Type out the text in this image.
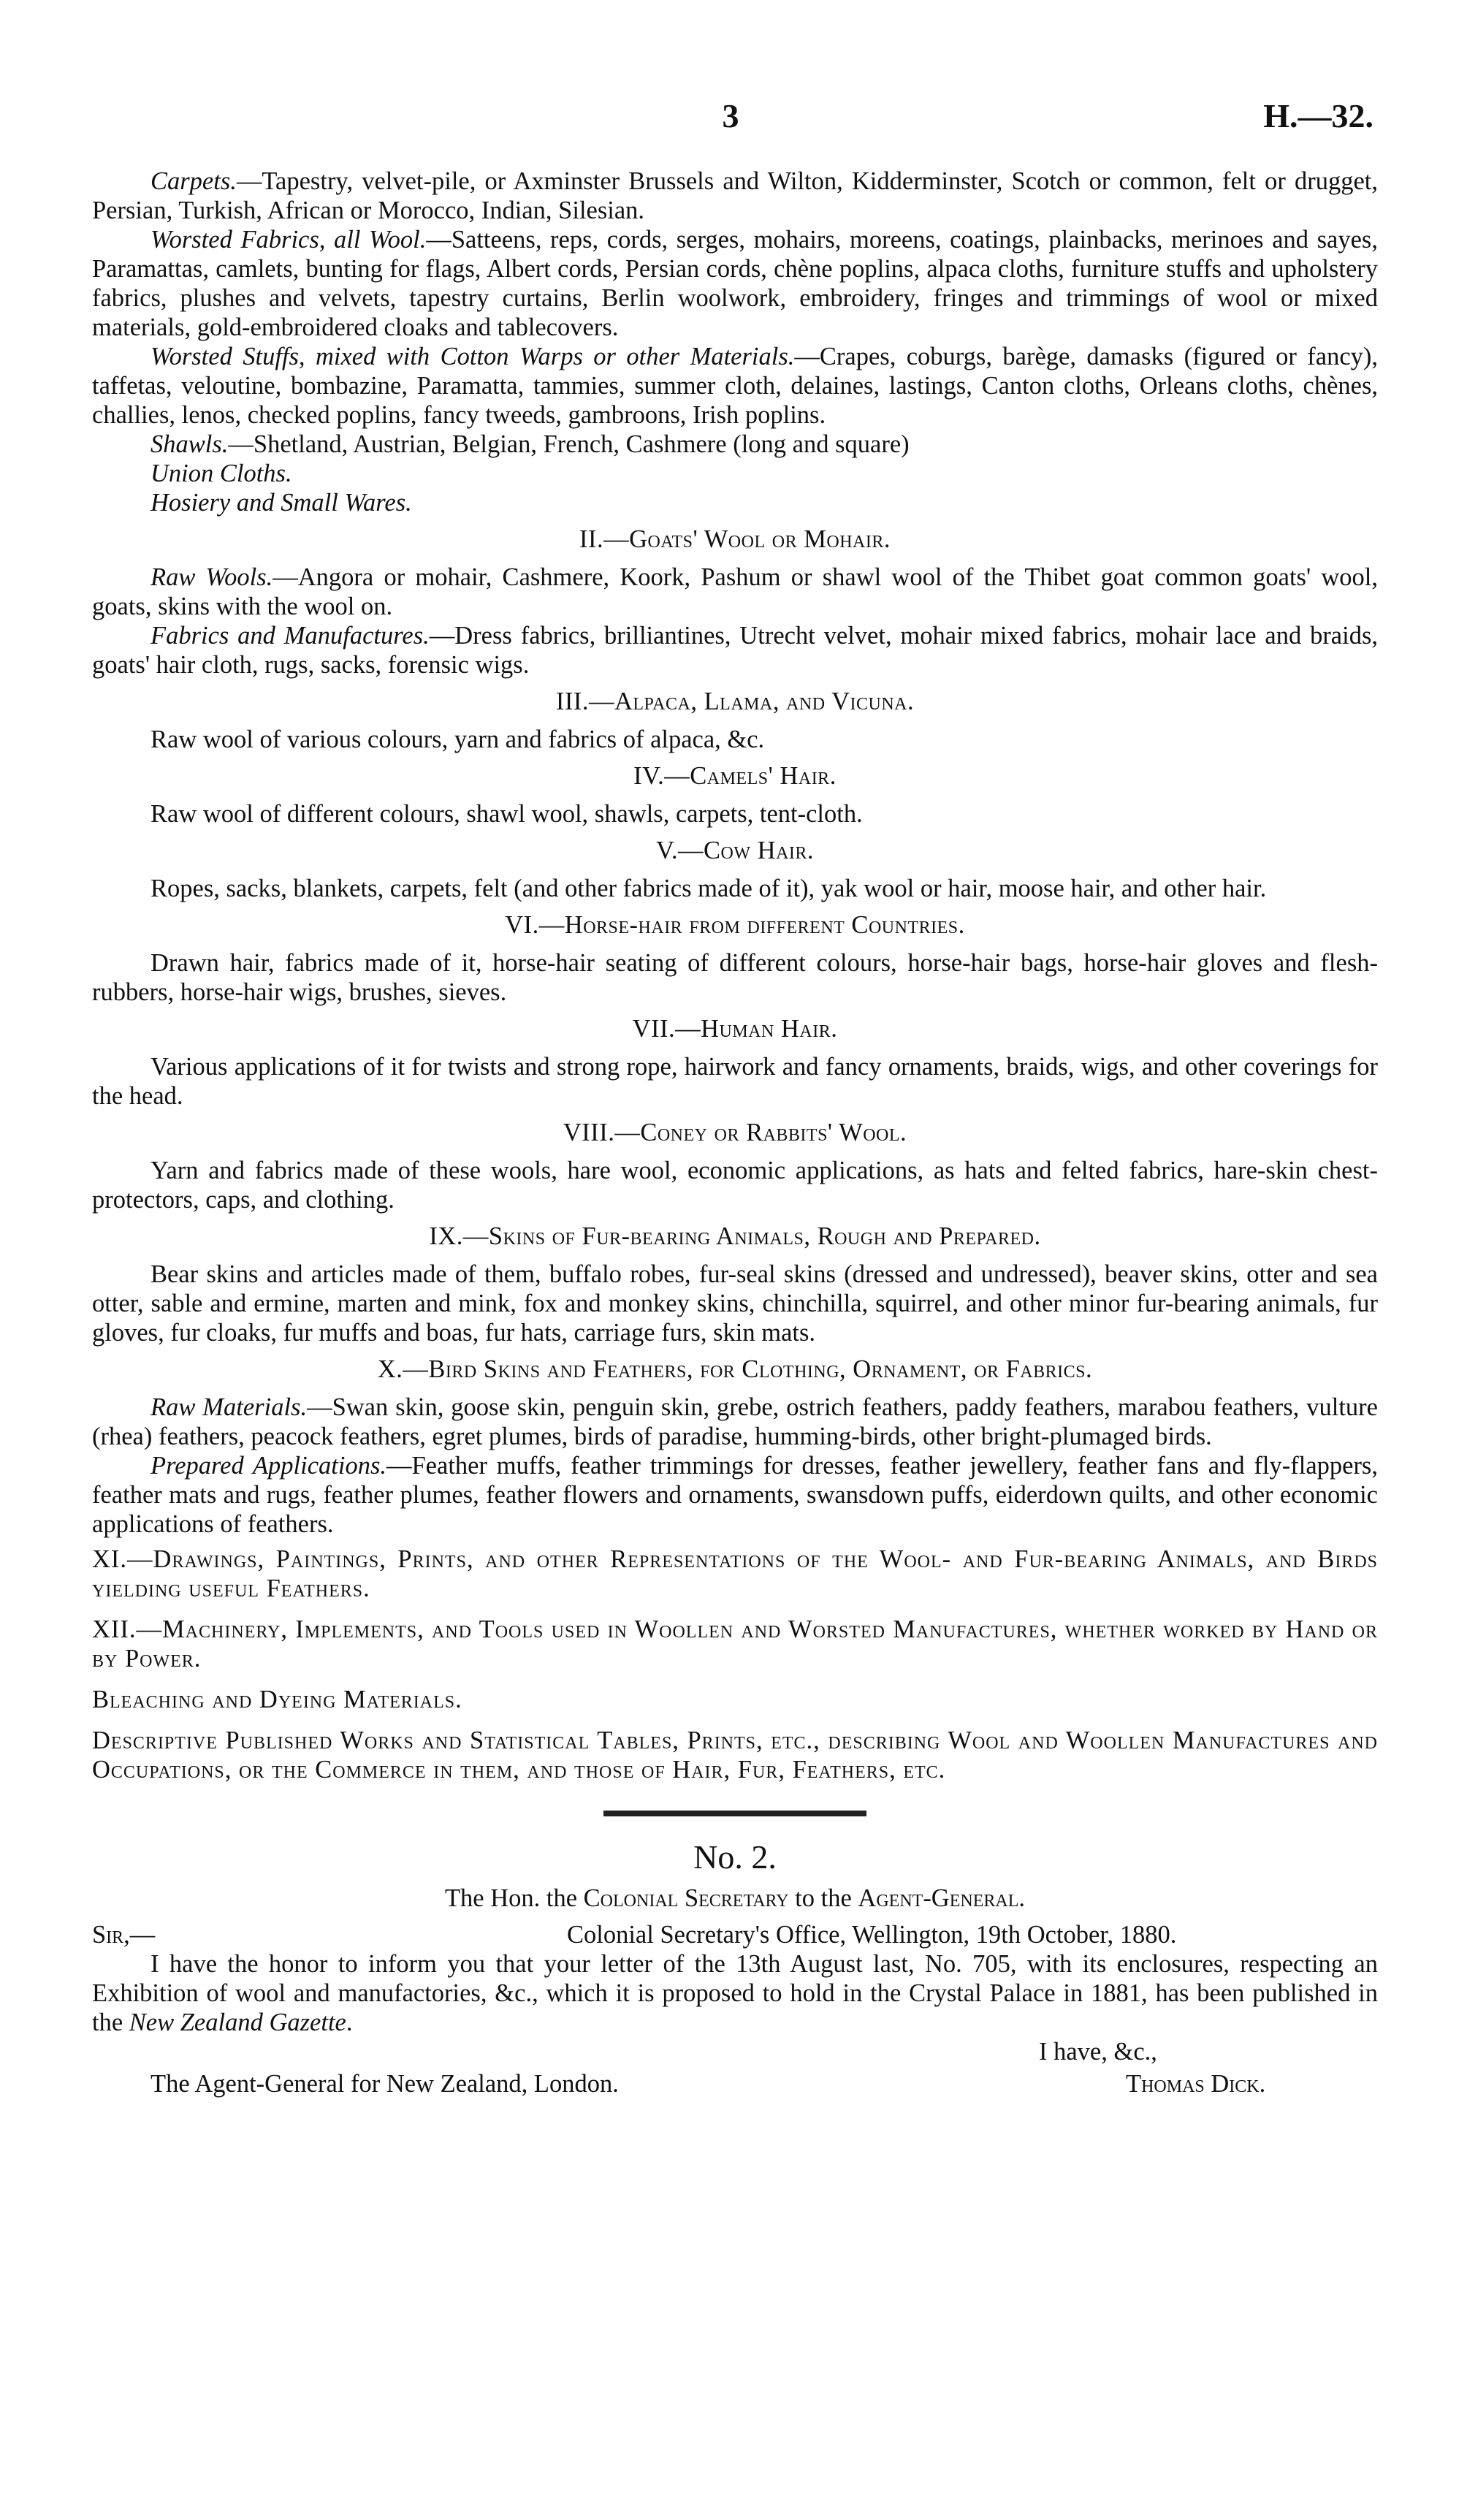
3	H.—32.

Carpets.—Tapestry, velvet-pile, or Axminster Brussels and Wilton, Kidderminster, Scotch or common, felt or drugget, Persian, Turkish, African or Morocco, Indian, Silesian.

Worsted Fabrics, all Wool.—Satteens, reps, cords, serges, mohairs, moreens, coatings, plainbacks, merinoes and sayes, Paramattas, camlets, bunting for flags, Albert cords, Persian cords, chène poplins, alpaca cloths, furniture stuffs and upholstery fabrics, plushes and velvets, tapestry curtains, Berlin woolwork, embroidery, fringes and trimmings of wool or mixed materials, gold-embroidered cloaks and tablecovers.

Worsted Stuffs, mixed with Cotton Warps or other Materials.—Crapes, coburgs, barège, damasks (figured or fancy), taffetas, veloutine, bombazine, Paramatta, tammies, summer cloth, delaines, lastings, Canton cloths, Orleans cloths, chènes, challies, lenos, checked poplins, fancy tweeds, gambroons, Irish poplins.

Shawls.—Shetland, Austrian, Belgian, French, Cashmere (long and square)

Union Cloths.

Hosiery and Small Wares.

II.—Goats' Wool or Mohair.

Raw Wools.—Angora or mohair, Cashmere, Koork, Pashum or shawl wool of the Thibet goat common goats' wool, goats, skins with the wool on.

Fabrics and Manufactures.—Dress fabrics, brilliantines, Utrecht velvet, mohair mixed fabrics, mohair lace and braids, goats' hair cloth, rugs, sacks, forensic wigs.

III.—Alpaca, Llama, and Vicuna.

Raw wool of various colours, yarn and fabrics of alpaca, &c.

IV.—Camels' Hair.

Raw wool of different colours, shawl wool, shawls, carpets, tent-cloth.

V.—Cow Hair.

Ropes, sacks, blankets, carpets, felt (and other fabrics made of it), yak wool or hair, moose hair, and other hair.

VI.—Horse-hair from different Countries.

Drawn hair, fabrics made of it, horse-hair seating of different colours, horse-hair bags, horse-hair gloves and flesh-rubbers, horse-hair wigs, brushes, sieves.

VII.—Human Hair.

Various applications of it for twists and strong rope, hairwork and fancy ornaments, braids, wigs, and other coverings for the head.

VIII.—Coney or Rabbits' Wool.

Yarn and fabrics made of these wools, hare wool, economic applications, as hats and felted fabrics, hare-skin chest-protectors, caps, and clothing.

IX.—Skins of Fur-bearing Animals, Rough and Prepared.

Bear skins and articles made of them, buffalo robes, fur-seal skins (dressed and undressed), beaver skins, otter and sea otter, sable and ermine, marten and mink, fox and monkey skins, chinchilla, squirrel, and other minor fur-bearing animals, fur gloves, fur cloaks, fur muffs and boas, fur hats, carriage furs, skin mats.

X.—Bird Skins and Feathers, for Clothing, Ornament, or Fabrics.

Raw Materials.—Swan skin, goose skin, penguin skin, grebe, ostrich feathers, paddy feathers, marabou feathers, vulture (rhea) feathers, peacock feathers, egret plumes, birds of paradise, humming-birds, other bright-plumaged birds.

Prepared Applications.—Feather muffs, feather trimmings for dresses, feather jewellery, feather fans and fly-flappers, feather mats and rugs, feather plumes, feather flowers and ornaments, swansdown puffs, eiderdown quilts, and other economic applications of feathers.

XI.—Drawings, Paintings, Prints, and other Representations of the Wool- and Fur-bearing Animals, and Birds yielding useful Feathers.

XII.—Machinery, Implements, and Tools used in Woollen and Worsted Manufactures, whether worked by Hand or by Power.

Bleaching and Dyeing Materials.

Descriptive Published Works and Statistical Tables, Prints, etc., describing Wool and Woollen Manufactures and Occupations, or the Commerce in them, and those of Hair, Fur, Feathers, etc.

No. 2.
The Hon. the Colonial Secretary to the Agent-General.
Sir,—	Colonial Secretary's Office, Wellington, 19th October, 1880.

I have the honor to inform you that your letter of the 13th August last, No. 705, with its enclosures, respecting an Exhibition of wool and manufactories, &c., which it is proposed to hold in the Crystal Palace in 1881, has been published in the New Zealand Gazette.

I have, &c.,
The Agent-General for New Zealand, London.	Thomas Dick.
